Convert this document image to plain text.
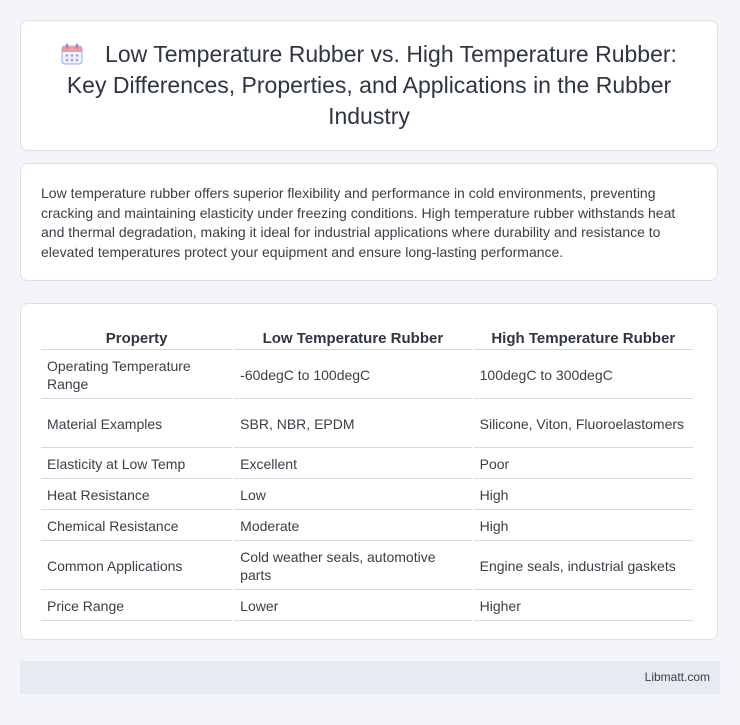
Low Temperature Rubber vs. High Temperature Rubber: Key Differences, Properties, and Applications in the Rubber Industry

Low temperature rubber offers superior flexibility and performance in cold environments, preventing cracking and maintaining elasticity under freezing conditions. High temperature rubber withstands heat and thermal degradation, making it ideal for industrial applications where durability and resistance to elevated temperatures protect your equipment and ensure long-lasting performance.

Property	Low Temperature Rubber	High Temperature Rubber
Operating Temperature Range	-60degC to 100degC	100degC to 300degC
Material Examples	SBR, NBR, EPDM	Silicone, Viton, Fluoroelastomers
Elasticity at Low Temp	Excellent	Poor
Heat Resistance	Low	High
Chemical Resistance	Moderate	High
Common Applications	Cold weather seals, automotive parts	Engine seals, industrial gaskets
Price Range	Lower	Higher
Libmatt.com
